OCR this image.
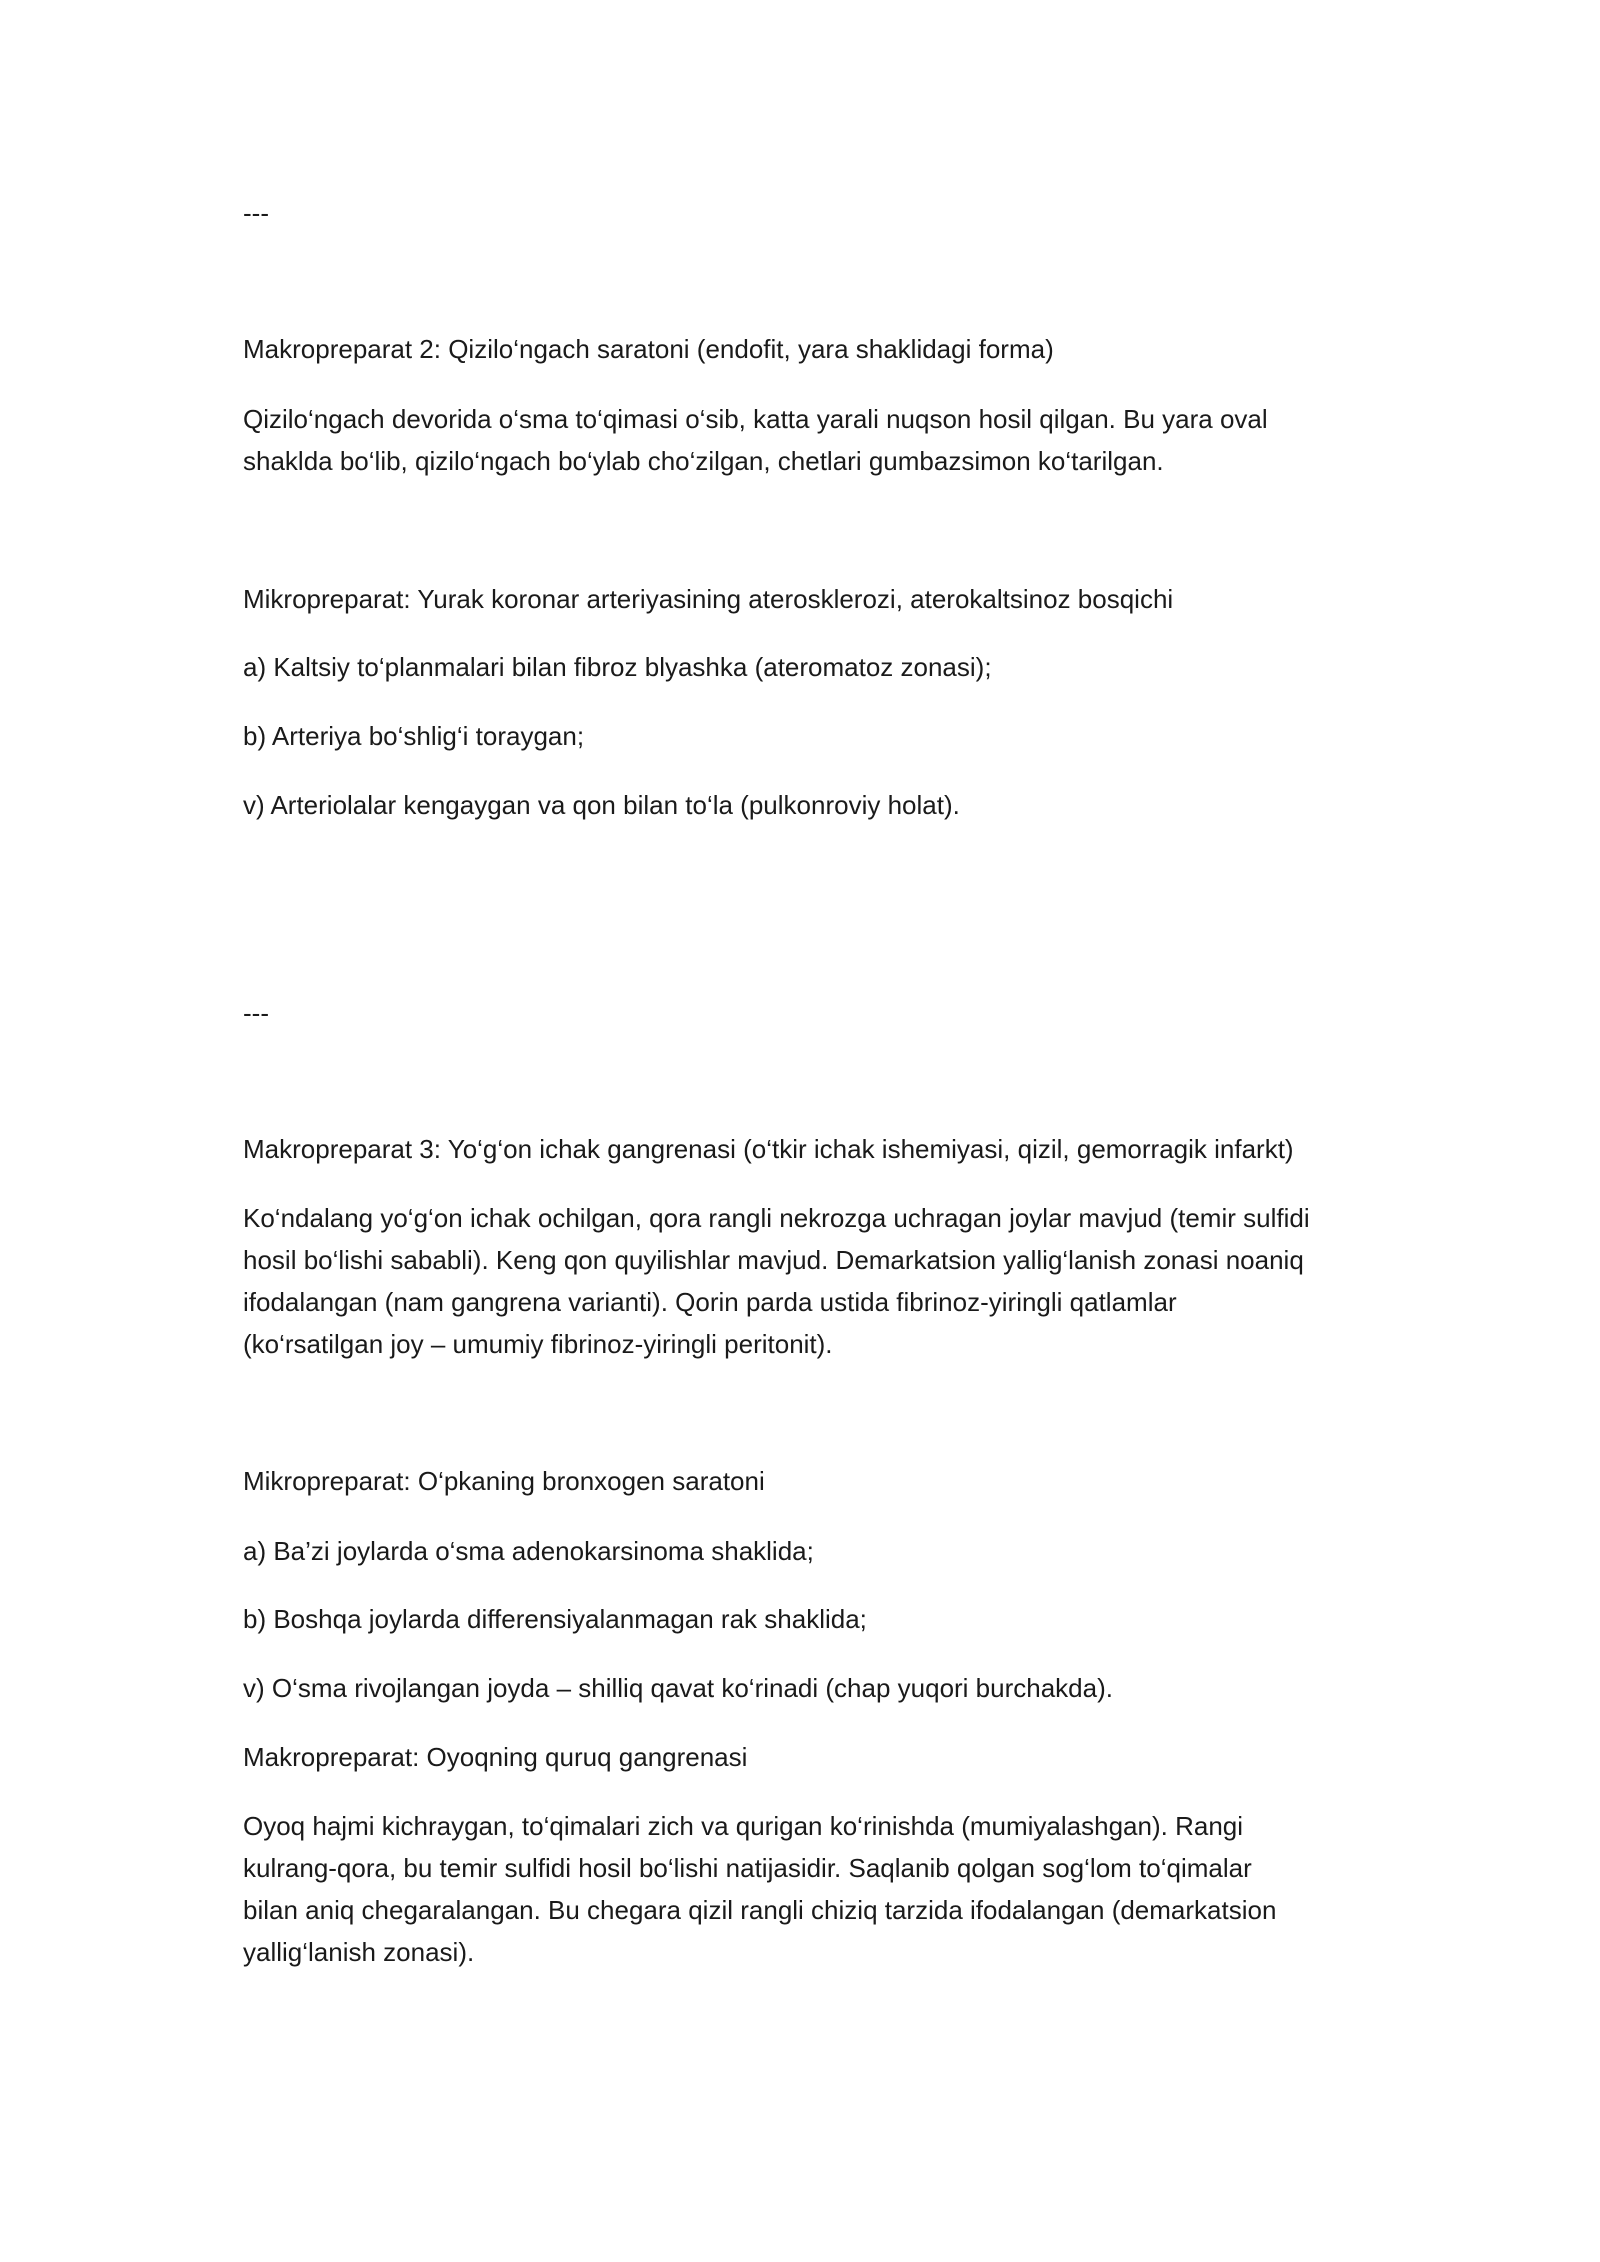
---

Makropreparat 2: Qizilo‘ngach saratoni (endofit, yara shaklidagi forma)

Qizilo‘ngach devorida o‘sma to‘qimasi o‘sib, katta yarali nuqson hosil qilgan. Bu yara oval
shaklda bo‘lib, qizilo‘ngach bo‘ylab cho‘zilgan, chetlari gumbazsimon ko‘tarilgan.

Mikropreparat: Yurak koronar arteriyasining aterosklerozi, aterokaltsinoz bosqichi

a) Kaltsiy to‘planmalari bilan fibroz blyashka (ateromatoz zonasi);

b) Arteriya bo‘shlig‘i toraygan;

v) Arteriolalar kengaygan va qon bilan to‘la (pulkonroviy holat).

---

Makropreparat 3: Yo‘g‘on ichak gangrenasi (o‘tkir ichak ishemiyasi, qizil, gemorragik infarkt)

Ko‘ndalang yo‘g‘on ichak ochilgan, qora rangli nekrozga uchragan joylar mavjud (temir sulfidi
hosil bo‘lishi sababli). Keng qon quyilishlar mavjud. Demarkatsion yallig‘lanish zonasi noaniq
ifodalangan (nam gangrena varianti). Qorin parda ustida fibrinoz-yiringli qatlamlar
(ko‘rsatilgan joy – umumiy fibrinoz-yiringli peritonit).

Mikropreparat: O‘pkaning bronxogen saratoni

a) Ba’zi joylarda o‘sma adenokarsinoma shaklida;

b) Boshqa joylarda differensiyalanmagan rak shaklida;

v) O‘sma rivojlangan joyda – shilliq qavat ko‘rinadi (chap yuqori burchakda).

Makropreparat: Oyoqning quruq gangrenasi

Oyoq hajmi kichraygan, to‘qimalari zich va qurigan ko‘rinishda (mumiyalashgan). Rangi
kulrang-qora, bu temir sulfidi hosil bo‘lishi natijasidir. Saqlanib qolgan sog‘lom to‘qimalar
bilan aniq chegaralangan. Bu chegara qizil rangli chiziq tarzida ifodalangan (demarkatsion
yallig‘lanish zonasi).
